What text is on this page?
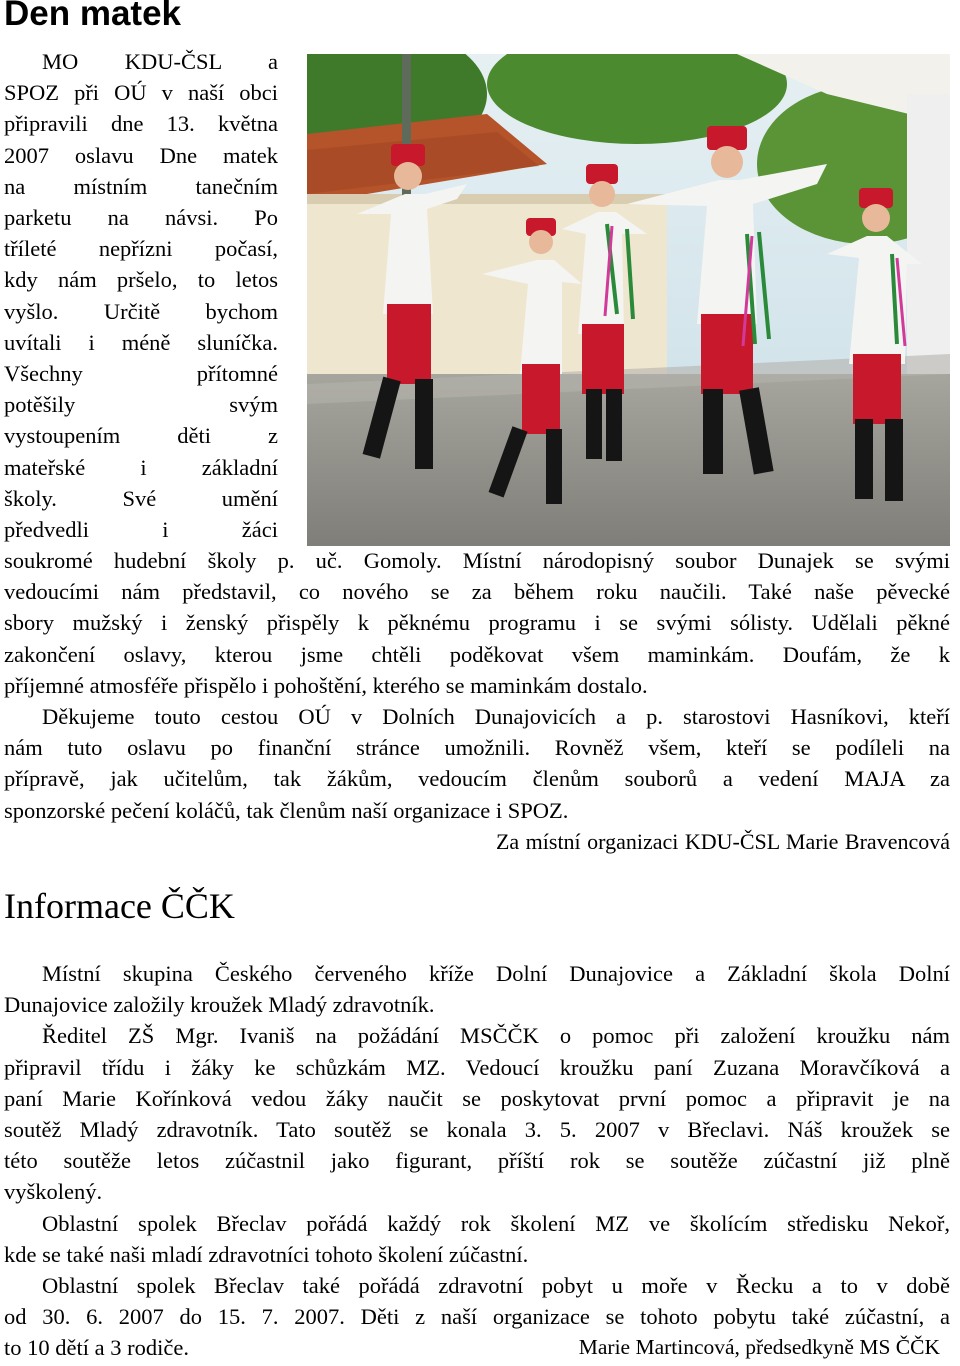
Den matek
MO KDU-ČSL a
SPOZ při OÚ v naší obci
připravili dne 13. května
2007 oslavu Dne matek
na místním tanečním
parketu na návsi. Po
tříleté nepřízni počasí,
kdy nám pršelo, to letos
vyšlo. Určitě bychom
uvítali i méně sluníčka.
Všechny přítomné
potěšily svým
vystoupením děti z
mateřské i základní
školy. Své umění
předvedli i žáci
soukromé hudební školy p. uč. Gomoly. Místní národopisný soubor Dunajek se svými
vedoucími nám představil, co nového se za během roku naučili. Také naše pěvecké
sbory mužský i ženský přispěly k pěknému programu i se svými sólisty. Udělali pěkné
zakončení oslavy, kterou jsme chtěli poděkovat všem maminkám. Doufám, že k
příjemné atmosféře přispělo i pohoštění, kterého se maminkám dostalo.
Děkujeme touto cestou OÚ v Dolních Dunajovicích a p. starostovi Hasníkovi, kteří
nám tuto oslavu po finanční stránce umožnili. Rovněž všem, kteří se podíleli na
přípravě, jak učitelům, tak žákům, vedoucím členům souborů a vedení MAJA za
sponzorské pečení koláčů, tak členům naší organizace i SPOZ.
Za místní organizaci KDU-ČSL Marie Bravencová
Informace ČČK
Místní skupina Českého červeného kříže Dolní Dunajovice a Základní škola Dolní
Dunajovice založily kroužek Mladý zdravotník.
Ředitel ZŠ Mgr. Ivaniš na požádání MSČČK o pomoc při založení kroužku nám
připravil třídu i žáky ke schůzkám MZ. Vedoucí kroužku paní Zuzana Moravčíková a
paní Marie Kořínková vedou žáky naučit se poskytovat první pomoc a připravit je na
soutěž Mladý zdravotník. Tato soutěž se konala 3. 5. 2007 v Břeclavi. Náš kroužek se
této soutěže letos zúčastnil jako figurant, příští rok se soutěže zúčastní již plně
vyškolený.
Oblastní spolek Břeclav pořádá každý rok školení MZ ve školícím středisku Nekoř,
kde se také naši mladí zdravotníci tohoto školení zúčastní.
Oblastní spolek Břeclav také pořádá zdravotní pobyt u moře v Řecku a to v době
od 30. 6. 2007 do 15. 7. 2007. Děti z naší organizace se tohoto pobytu také zúčastní, a
to 10 dětí a 3 rodiče.	Marie Martincová, předsedkyně MS ČČK
